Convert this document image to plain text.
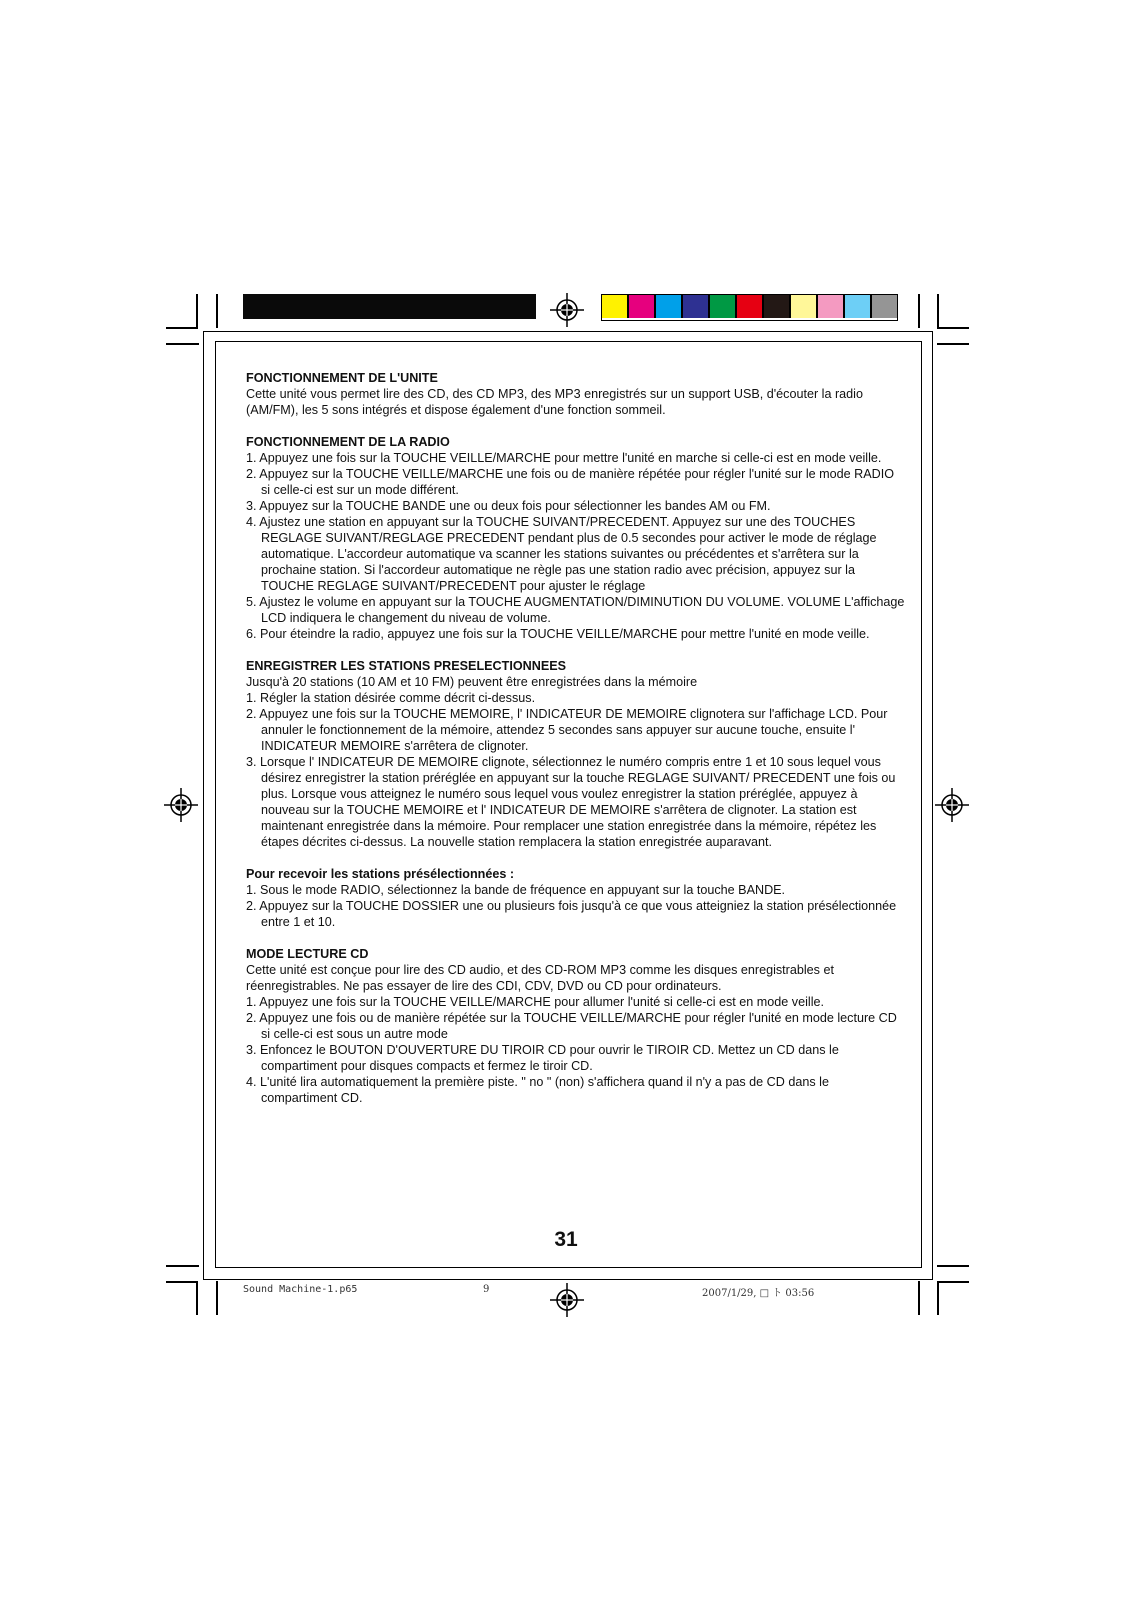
FONCTIONNEMENT DE L'UNITE
Cette unité vous permet lire des CD, des CD MP3, des MP3 enregistrés sur un support USB, d'écouter la radio (AM/FM), les 5 sons intégrés et dispose également d'une fonction sommeil.
FONCTIONNEMENT DE LA RADIO
1. Appuyez une fois sur la TOUCHE VEILLE/MARCHE pour mettre l'unité en marche si celle-ci est en mode veille.
2. Appuyez sur la TOUCHE VEILLE/MARCHE une fois ou de manière répétée pour régler l'unité sur le mode RADIO si celle-ci est sur un mode différent.
3. Appuyez sur la TOUCHE BANDE une ou deux fois pour sélectionner les bandes AM ou FM.
4. Ajustez une station en appuyant sur la TOUCHE SUIVANT/PRECEDENT. Appuyez sur une des TOUCHES REGLAGE SUIVANT/REGLAGE PRECEDENT pendant plus de 0.5 secondes pour activer le mode de réglage automatique. L'accordeur automatique va scanner les stations suivantes ou précédentes et s'arrêtera sur la prochaine station. Si l'accordeur automatique ne règle pas une station radio avec précision, appuyez sur la TOUCHE REGLAGE SUIVANT/PRECEDENT pour ajuster le réglage
5. Ajustez le volume en appuyant sur la TOUCHE AUGMENTATION/DIMINUTION DU VOLUME. VOLUME L'affichage LCD indiquera le changement du niveau de volume.
6. Pour éteindre la radio, appuyez une fois sur la TOUCHE VEILLE/MARCHE pour mettre l'unité en mode veille.
ENREGISTRER LES STATIONS PRESELECTIONNEES
Jusqu'à 20 stations (10 AM et 10 FM) peuvent être enregistrées dans la mémoire
1. Régler la station désirée comme décrit ci-dessus.
2. Appuyez une fois sur la TOUCHE MEMOIRE, l' INDICATEUR DE MEMOIRE clignotera sur l'affichage LCD. Pour annuler le fonctionnement de la mémoire, attendez 5 secondes sans appuyer sur aucune touche, ensuite l' INDICATEUR MEMOIRE s'arrêtera de clignoter.
3. Lorsque l' INDICATEUR DE MEMOIRE clignote, sélectionnez le numéro compris entre 1 et 10 sous lequel vous désirez enregistrer la station préréglée en appuyant sur la touche REGLAGE SUIVANT/ PRECEDENT une fois ou plus. Lorsque vous atteignez le numéro sous lequel vous voulez enregistrer la station préréglée, appuyez à nouveau sur la TOUCHE MEMOIRE et l' INDICATEUR DE MEMOIRE s'arrêtera de clignoter. La station est maintenant enregistrée dans la mémoire. Pour remplacer une station enregistrée dans la mémoire, répétez les étapes décrites ci-dessus. La nouvelle station remplacera la station enregistrée auparavant.
Pour recevoir les stations présélectionnées :
1. Sous le mode RADIO, sélectionnez la bande de fréquence en appuyant sur la touche BANDE.
2. Appuyez sur la TOUCHE DOSSIER une ou plusieurs fois jusqu'à ce que vous atteigniez la station présélectionnée entre 1 et 10.
MODE LECTURE CD
Cette unité est conçue pour lire des CD audio, et des CD-ROM MP3 comme les disques enregistrables et réenregistrables. Ne pas essayer de lire des CDI, CDV, DVD ou CD pour ordinateurs.
1. Appuyez une fois sur la TOUCHE VEILLE/MARCHE pour allumer l'unité si celle-ci est en mode veille.
2. Appuyez une fois ou de manière répétée sur la TOUCHE VEILLE/MARCHE pour régler l'unité en mode lecture CD si celle-ci est sous un autre mode
3. Enfoncez le BOUTON D'OUVERTURE DU TIROIR CD pour ouvrir le TIROIR CD. Mettez un CD dans le compartiment pour disques compacts et fermez le tiroir CD.
4. L'unité lira automatiquement la première piste. " no " (non) s'affichera quand il n'y a pas de CD dans le compartiment CD.
31
Sound Machine-1.p65	9	2007/1/29, □ ト 03:56
